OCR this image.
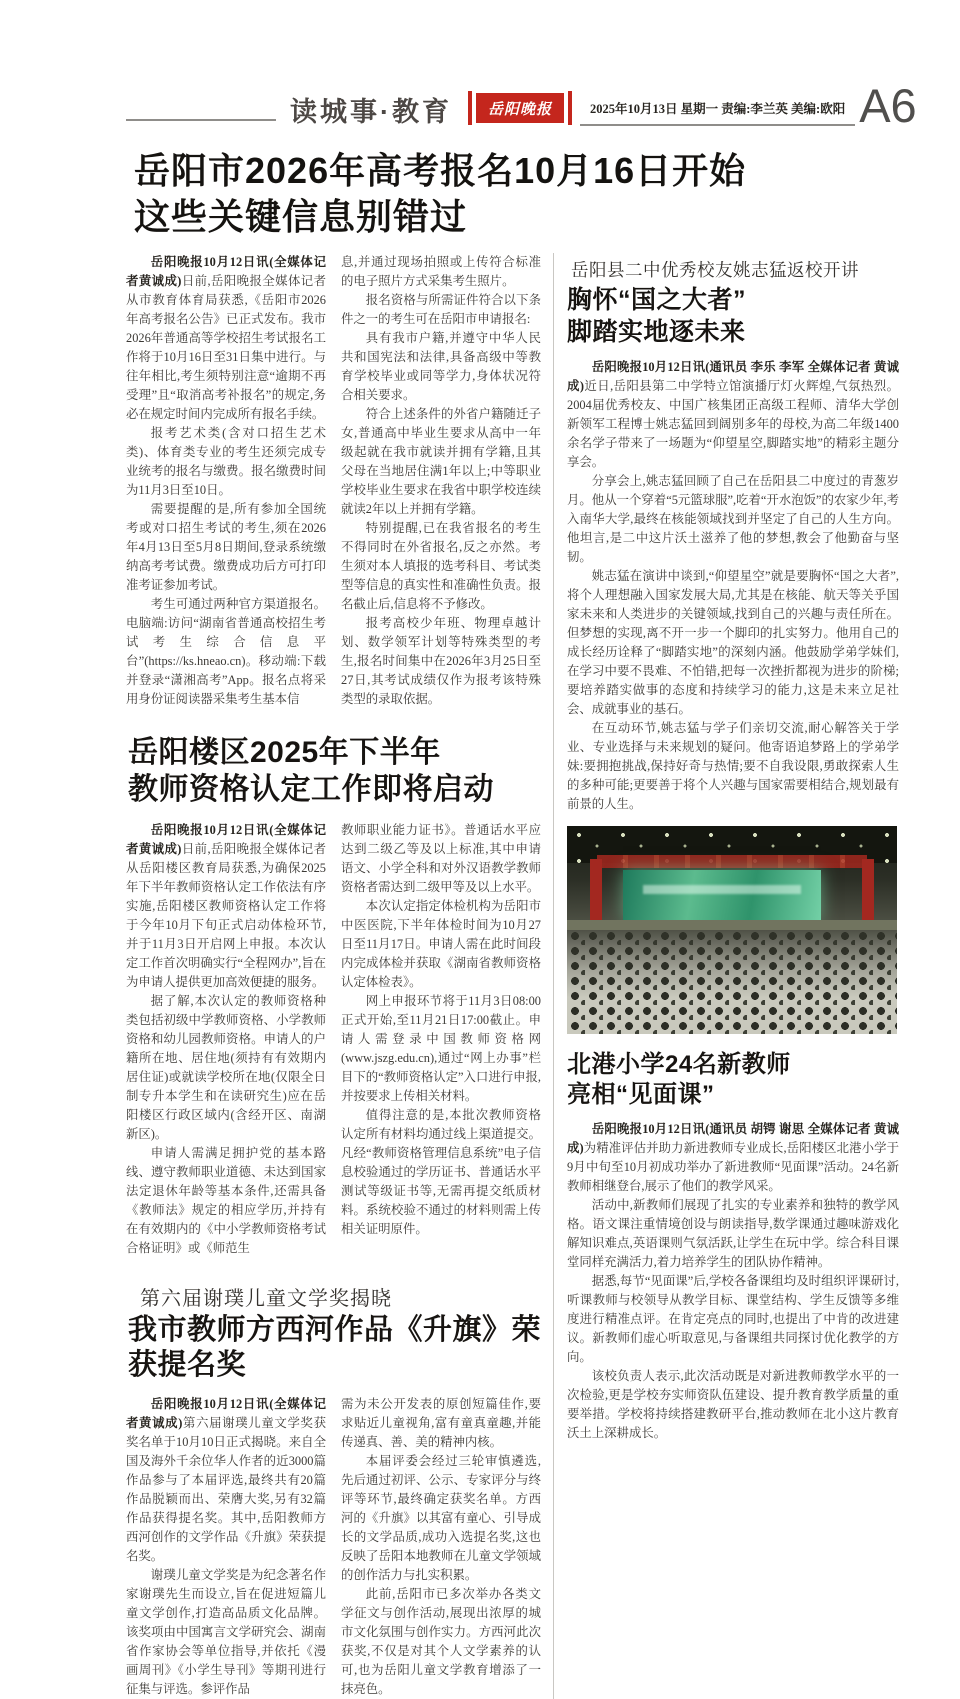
读城事·教育	岳阳晚报	2025年10月13日 星期一 责编:李兰英 美编:欧阳 A6
岳阳市2026年高考报名10月16日开始
这些关键信息别错过

岳阳晚报10月12日讯(全媒体记者黄诚成)日前,岳阳晚报全媒体记者从市教育体育局获悉,《岳阳市2026年高考报名公告》已正式发布。我市2026年普通高等学校招生考试报名工作将于10月16日至31日集中进行。与往年相比,考生须特别注意“逾期不再受理”且“取消高考补报名”的规定,务必在规定时间内完成所有报名手续。

报考艺术类(含对口招生艺术类)、体育类专业的考生还须完成专业统考的报名与缴费。报名缴费时间为11月3日至10日。

需要提醒的是,所有参加全国统考或对口招生考试的考生,须在2026年4月13日至5月8日期间,登录系统缴纳高考考试费。缴费成功后方可打印准考证参加考试。

考生可通过两种官方渠道报名。电脑端:访问“湖南省普通高校招生考试考生综合信息平台”(https://ks.hneao.cn)。移动端:下载并登录“潇湘高考”App。报名点将采用身份证阅读器采集考生基本信

息,并通过现场拍照或上传符合标准的电子照片方式采集考生照片。

报名资格与所需证件符合以下条件之一的考生可在岳阳市申请报名:

具有我市户籍,并遵守中华人民共和国宪法和法律,具备高级中等教育学校毕业或同等学力,身体状况符合相关要求。

符合上述条件的外省户籍随迁子女,普通高中毕业生要求从高中一年级起就在我市就读并拥有学籍,且其父母在当地居住满1年以上;中等职业学校毕业生要求在我省中职学校连续就读2年以上并拥有学籍。

特别提醒,已在我省报名的考生不得同时在外省报名,反之亦然。考生须对本人填报的选考科目、考试类型等信息的真实性和准确性负责。报名截止后,信息将不予修改。

报考高校少年班、物理卓越计划、数学领军计划等特殊类型的考生,报名时间集中在2026年3月25日至27日,其考试成绩仅作为报考该特殊类型的录取依据。

岳阳楼区2025年下半年
教师资格认定工作即将启动

岳阳晚报10月12日讯(全媒体记者黄诚成)日前,岳阳晚报全媒体记者从岳阳楼区教育局获悉,为确保2025年下半年教师资格认定工作依法有序实施,岳阳楼区教师资格认定工作将于今年10月下旬正式启动体检环节,并于11月3日开启网上申报。本次认定工作首次明确实行“全程网办”,旨在为申请人提供更加高效便捷的服务。

据了解,本次认定的教师资格种类包括初级中学教师资格、小学教师资格和幼儿园教师资格。申请人的户籍所在地、居住地(须持有有效期内居住证)或就读学校所在地(仅限全日制专升本学生和在读研究生)应在岳阳楼区行政区域内(含经开区、南湖新区)。

申请人需满足拥护党的基本路线、遵守教师职业道德、未达到国家法定退休年龄等基本条件,还需具备《教师法》规定的相应学历,并持有在有效期内的《中小学教师资格考试合格证明》或《师范生

教师职业能力证书》。普通话水平应达到二级乙等及以上标准,其中申请语文、小学全科和对外汉语教学教师资格者需达到二级甲等及以上水平。

本次认定指定体检机构为岳阳市中医医院,下半年体检时间为10月27日至11月17日。申请人需在此时间段内完成体检并获取《湖南省教师资格认定体检表》。

网上申报环节将于11月3日08:00正式开始,至11月21日17:00截止。申请人需登录中国教师资格网(www.jszg.edu.cn),通过“网上办事”栏目下的“教师资格认定”入口进行申报,并按要求上传相关材料。

值得注意的是,本批次教师资格认定所有材料均通过线上渠道提交。凡经“教师资格管理信息系统”电子信息校验通过的学历证书、普通话水平测试等级证书等,无需再提交纸质材料。系统校验不通过的材料则需上传相关证明原件。

第六届谢璞儿童文学奖揭晓
我市教师方西河作品《升旗》荣获提名奖

岳阳晚报10月12日讯(全媒体记者黄诚成)第六届谢璞儿童文学奖获奖名单于10月10日正式揭晓。来自全国及海外千余位华人作者的近3000篇作品参与了本届评选,最终共有20篇作品脱颖而出、荣膺大奖,另有32篇作品获得提名奖。其中,岳阳教师方西河创作的文学作品《升旗》荣获提名奖。

谢璞儿童文学奖是为纪念著名作家谢璞先生而设立,旨在促进短篇儿童文学创作,打造高品质文化品牌。该奖项由中国寓言文学研究会、湖南省作家协会等单位指导,并依托《漫画周刊》《小学生导刊》等期刊进行征集与评选。参评作品

需为未公开发表的原创短篇佳作,要求贴近儿童视角,富有童真童趣,并能传递真、善、美的精神内核。

本届评委会经过三轮审慎遴选,先后通过初评、公示、专家评分与终评等环节,最终确定获奖名单。方西河的《升旗》以其富有童心、引导成长的文学品质,成功入选提名奖,这也反映了岳阳本地教师在儿童文学领域的创作活力与扎实积累。

此前,岳阳市已多次举办各类文学征文与创作活动,展现出浓厚的城市文化氛围与创作实力。方西河此次获奖,不仅是对其个人文学素养的认可,也为岳阳儿童文学教育增添了一抹亮色。

岳阳县二中优秀校友姚志猛返校开讲
胸怀“国之大者”
脚踏实地逐未来

岳阳晚报10月12日讯(通讯员 李乐 李军 全媒体记者 黄诚成)近日,岳阳县第二中学特立馆演播厅灯火辉煌,气氛热烈。2004届优秀校友、中国广核集团正高级工程师、清华大学创新领军工程博士姚志猛回到阔别多年的母校,为高二年级1400余名学子带来了一场题为“仰望星空,脚踏实地”的精彩主题分享会。

分享会上,姚志猛回顾了自己在岳阳县二中度过的青葱岁月。他从一个穿着“5元篮球服”,吃着“开水泡饭”的农家少年,考入南华大学,最终在核能领域找到并坚定了自己的人生方向。他坦言,是二中这片沃土滋养了他的梦想,教会了他勤奋与坚韧。

姚志猛在演讲中谈到,“仰望星空”就是要胸怀“国之大者”,将个人理想融入国家发展大局,尤其是在核能、航天等关乎国家未来和人类进步的关键领域,找到自己的兴趣与责任所在。但梦想的实现,离不开一步一个脚印的扎实努力。他用自己的成长经历诠释了“脚踏实地”的深刻内涵。他鼓励学弟学妹们,在学习中要不畏难、不怕错,把每一次挫折都视为进步的阶梯;要培养踏实做事的态度和持续学习的能力,这是未来立足社会、成就事业的基石。

在互动环节,姚志猛与学子们亲切交流,耐心解答关于学业、专业选择与未来规划的疑问。他寄语追梦路上的学弟学妹:要拥抱挑战,保持好奇与热情;要不自我设限,勇敢探索人生的多种可能;更要善于将个人兴趣与国家需要相结合,规划最有前景的人生。

北港小学24名新教师
亮相“见面课”

岳阳晚报10月12日讯(通讯员 胡锷 谢思 全媒体记者 黄诚成)为精准评估并助力新进教师专业成长,岳阳楼区北港小学于9月中旬至10月初成功举办了新进教师“见面课”活动。24名新教师相继登台,展示了他们的教学风采。

活动中,新教师们展现了扎实的专业素养和独特的教学风格。语文课注重情境创设与朗读指导,数学课通过趣味游戏化解知识难点,英语课则气氛活跃,让学生在玩中学。综合科目课堂同样充满活力,着力培养学生的团队协作精神。

据悉,每节“见面课”后,学校各备课组均及时组织评课研讨,听课教师与校领导从教学目标、课堂结构、学生反馈等多维度进行精准点评。在肯定亮点的同时,也提出了中肯的改进建议。新教师们虚心听取意见,与备课组共同探讨优化教学的方向。

该校负责人表示,此次活动既是对新进教师教学水平的一次检验,更是学校夯实师资队伍建设、提升教育教学质量的重要举措。学校将持续搭建教研平台,推动教师在北小这片教育沃土上深耕成长。
